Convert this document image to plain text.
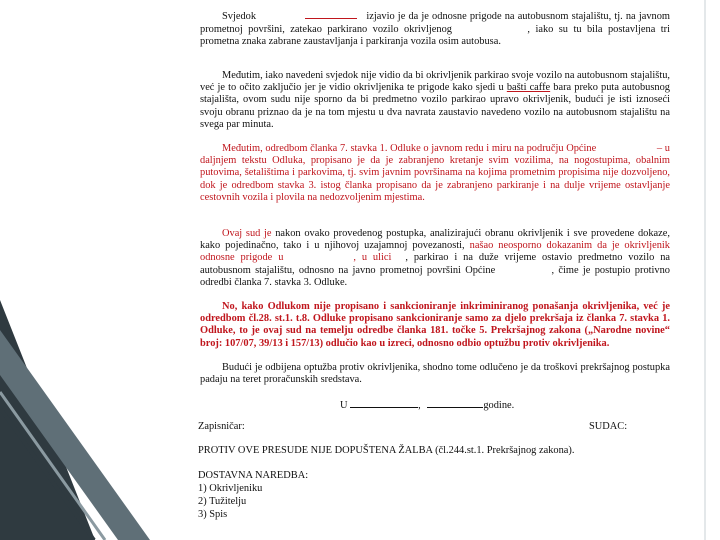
Svjedok	izjavio je da je odnosne prigode na autobusnom stajalištu, tj. na javnom prometnoj površini, zatekao parkirano vozilo okrivljenog	, iako su tu bila postavljena tri prometna znaka zabrane zaustavljanja i parkiranja vozila osim autobusa.
Međutim, iako navedeni svjedok nije vidio da bi okrivljenik parkirao svoje vozilo na autobusnom stajalištu, već je to očito zaključio jer je vidio okrivljenika te prigode kako sjedi u bašti caffe bara preko puta autobusnog stajališta, ovom sudu nije sporno da bi predmetno vozilo parkirao upravo okrivljenik, budući je isti iznoseći svoju obranu priznao da je na tom mjestu u dva navrata zaustavio navedeno vozilo na autobusnom stajalištu na svega par minuta.
Međutim, odredbom članka 7. stavka 1. Odluke o javnom redu i miru na području Općine	– u daljnjem tekstu Odluka, propisano je da je zabranjeno kretanje svim vozilima, na nogostupima, obalnim putovima, šetalištima i parkovima, tj. svim javnim površinama na kojima prometnim propisima nije dozvoljeno, dok je odredbom stavka 3. istog članka propisano da je zabranjeno parkiranje i na dulje vrijeme ostavljanje cestovnih vozila i plovila na nedozvoljenim mjestima.
Ovaj sud je nakon ovako provedenog postupka, analizirajući obranu okrivljenik i sve provedene dokaze, kako pojedinačno, tako i u njihovoj uzajamnoj povezanosti, našao neosporno dokazanim da je okrivljenik odnosne prigode u	, u ulici , parkirao i na duže vrijeme ostavio predmetno vozilo na autobusnom stajalištu, odnosno na javno prometnoj površini Općine	, čime je postupio protivno odredbi članka 7. stavka 3. Odluke.
No, kako Odlukom nije propisano i sankcioniranje inkriminiranog ponašanja okrivljenika, već je odredbom čl.28. st.1. t.8. Odluke propisano sankcioniranje samo za djelo prekršaja iz članka 7. stavka 1. Odluke, to je ovaj sud na temelju odredbe članka 181. točke 5. Prekršajnog zakona („Narodne novine“ broj: 107/07, 39/13 i 157/13) odlučio kao u izreci, odnosno odbio optužbu protiv okrivljenika.
Budući je odbijena optužba protiv okrivljenika, shodno tome odlučeno je da troškovi prekršajnog postupka padaju na teret proračunskih sredstava.
U	,	godine.
Zapisničar:	SUDAC:
PROTIV OVE PRESUDE NIJE DOPUŠTENA ŽALBA (čl.244.st.1. Prekršajnog zakona).
DOSTAVNA NAREDBA:
1) Okrivljeniku
2) Tužitelju
3) Spis
